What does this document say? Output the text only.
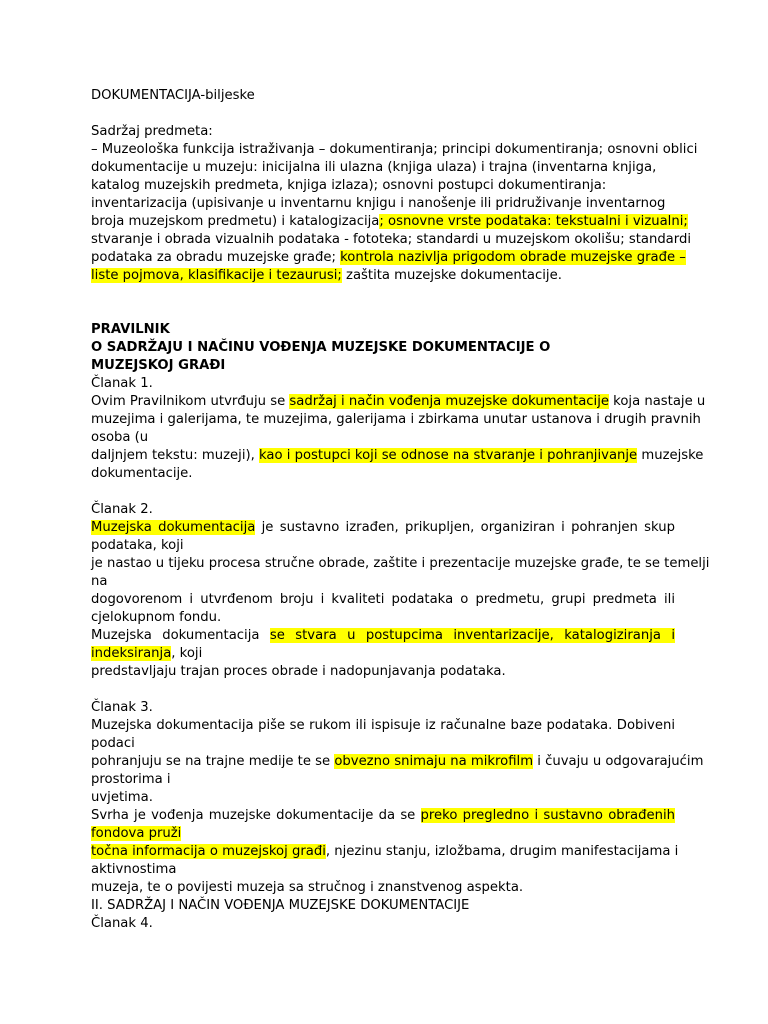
DOKUMENTACIJA-biljeske
Sadržaj predmeta:
– Muzeološka funkcija istraživanja – dokumentiranja; principi dokumentiranja; osnovni oblici
dokumentacije u muzeju: inicijalna ili ulazna (knjiga ulaza) i trajna (inventarna knjiga,
katalog muzejskih predmeta, knjiga izlaza); osnovni postupci dokumentiranja:
inventarizacija (upisivanje u inventarnu knjigu i nanošenje ili pridruživanje inventarnog
broja muzejskom predmetu) i katalogizacija; osnovne vrste podataka: tekstualni i vizualni;
stvaranje i obrada vizualnih podataka - fototeka; standardi u muzejskom okolišu; standardi
podataka za obradu muzejske građe; kontrola nazivlja prigodom obrade muzejske građe –
liste pojmova, klasifikacije i tezaurusi; zaštita muzejske dokumentacije.
PRAVILNIK
O SADRŽAJU I NAČINU VOĐENJA MUZEJSKE DOKUMENTACIJE O
MUZEJSKOJ GRAĐI
Članak 1.
Ovim Pravilnikom utvrđuju se sadržaj i način vođenja muzejske dokumentacije koja nastaje u
muzejima i galerijama, te muzejima, galerijama i zbirkama unutar ustanova i drugih pravnih
osoba (u
daljnjem tekstu: muzeji), kao i postupci koji se odnose na stvaranje i pohranjivanje muzejske
dokumentacije.
Članak 2.
Muzejska dokumentacija je sustavno izrađen, prikupljen, organiziran i pohranjen skup
podataka, koji
je nastao u tijeku procesa stručne obrade, zaštite i prezentacije muzejske građe, te se temelji
na
dogovorenom i utvrđenom broju i kvaliteti podataka o predmetu, grupi predmeta ili
cjelokupnom fondu.
Muzejska dokumentacija se stvara u postupcima inventarizacije, katalogiziranja i
indeksiranja, koji
predstavljaju trajan proces obrade i nadopunjavanja podataka.
Članak 3.
Muzejska dokumentacija piše se rukom ili ispisuje iz računalne baze podataka. Dobiveni
podaci
pohranjuju se na trajne medije te se obvezno snimaju na mikrofilm i čuvaju u odgovarajućim
prostorima i
uvjetima.
Svrha je vođenja muzejske dokumentacije da se preko pregledno i sustavno obrađenih
fondova pruži
točna informacija o muzejskoj građi, njezinu stanju, izložbama, drugim manifestacijama i
aktivnostima
muzeja, te o povijesti muzeja sa stručnog i znanstvenog aspekta.
II. SADRŽAJ I NAČIN VOĐENJA MUZEJSKE DOKUMENTACIJE
Članak 4.
